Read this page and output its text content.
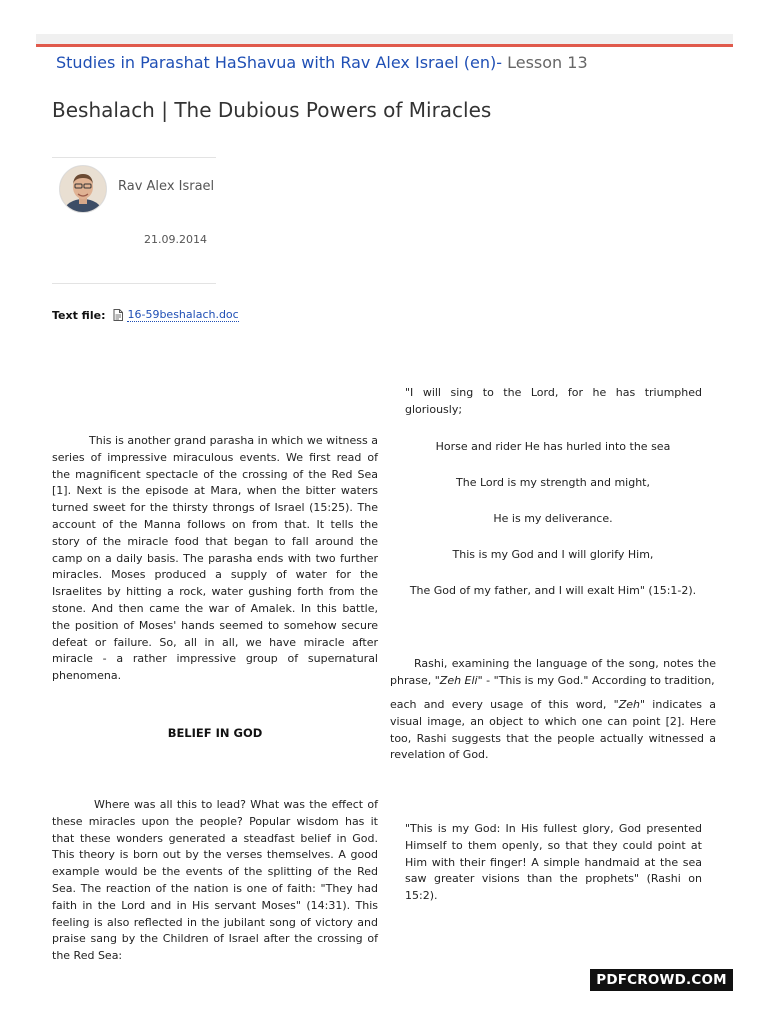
Studies in Parashat HaShavua with Rav Alex Israel (en)- Lesson 13
Beshalach | The Dubious Powers of Miracles
Rav Alex Israel
21.09.2014
Text file: 16-59beshalach.doc

This is another grand parasha in which we witness a series of impressive miraculous events. We first read of the magnificent spectacle of the crossing of the Red Sea [1]. Next is the episode at Mara, when the bitter waters turned sweet for the thirsty throngs of Israel (15:25). The account of the Manna follows on from that. It tells the story of the miracle food that began to fall around the camp on a daily basis. The parasha ends with two further miracles. Moses produced a supply of water for the Israelites by hitting a rock, water gushing forth from the stone. And then came the war of Amalek. In this battle, the position of Moses' hands seemed to somehow secure defeat or failure. So, all in all, we have miracle after miracle - a rather impressive group of supernatural phenomena.

BELIEF IN GOD

Where was all this to lead? What was the effect of these miracles upon the people? Popular wisdom has it that these wonders generated a steadfast belief in God. This theory is born out by the verses themselves. A good example would be the events of the splitting of the Red Sea. The reaction of the nation is one of faith: "They had faith in the Lord and in His servant Moses" (14:31). This feeling is also reflected in the jubilant song of victory and praise sang by the Children of Israel after the crossing of the Red Sea:

"I will sing to the Lord, for he has triumphed gloriously;

Horse and rider He has hurled into the sea
The Lord is my strength and might,
He is my deliverance.
This is my God and I will glorify Him,
The God of my father, and I will exalt Him" (15:1-2).

Rashi, examining the language of the song, notes the phrase, "Zeh Eli" - "This is my God." According to tradition,

each and every usage of this word, "Zeh" indicates a visual image, an object to which one can point [2]. Here too, Rashi suggests that the people actually witnessed a revelation of God.

"This is my God: In His fullest glory, God presented Himself to them openly, so that they could point at Him with their finger! A simple handmaid at the sea saw greater visions than the prophets" (Rashi on 15:2).

PDFCROWD.COM
